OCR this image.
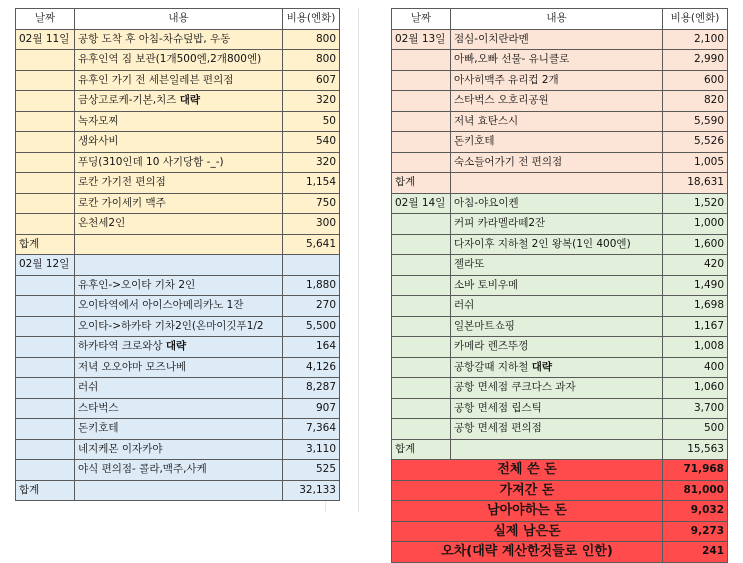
날짜	내용	비용(엔화)
02월 11일	공항 도착 후 아침-차슈덮밥, 우동	800
	유후인역 짐 보관(1개500엔,2개800엔)	800
	유후인 가기 전 세븐일레븐 편의점	607
	금상고로케-기본,치즈 대략	320
	녹자모찌	50
	생와사비	540
	푸딩(310인데 10 사기당함 -_-)	320
	로칸 가기전 편의점	1,154
	로칸 가이세키 맥주	750
	온천세2인	300
합계		5,641
02월 12일		
	유후인->오이타 기차 2인	1,880
	오이타역에서 아이스아메리카노 1잔	270
	오이타->하카타 기차2인(온마이깃푸1/2	5,500
	하카타역 크로와상 대략	164
	저녁 오오야마 모즈나베	4,126
	러쉬	8,287
	스타벅스	907
	돈키호테	7,364
	네지케몬 이자카야	3,110
	야식 편의점- 콜라,맥주,사케	525
합계		32,133
날짜	내용	비용(엔화)
02월 13일	점심-이치란라멘	2,100
	아빠,오빠 선물- 유니클로	2,990
	아사히맥주 유리컵 2개	600
	스타벅스 오호리공원	820
	저녁 효탄스시	5,590
	돈키호테	5,526
	숙소들어가기 전 편의점	1,005
합계		18,631
02월 14일	아침-야요이켄	1,520
	커피 카라멜라떼2잔	1,000
	다자이후 지하철 2인 왕복(1인 400엔)	1,600
	젤라또	420
	소바 토비우메	1,490
	러쉬	1,698
	일본마트쇼핑	1,167
	카메라 렌즈뚜껑	1,008
	공항갈때 지하철 대략	400
	공항 면세점 쿠크다스 과자	1,060
	공항 면세점 립스틱	3,700
	공항 면세점 편의점	500
합계		15,563
전체 쓴 돈		71,968
가져간 돈		81,000
남아야하는 돈		9,032
실제 남은돈		9,273
오차(대략 계산한것들로 인한)		241
